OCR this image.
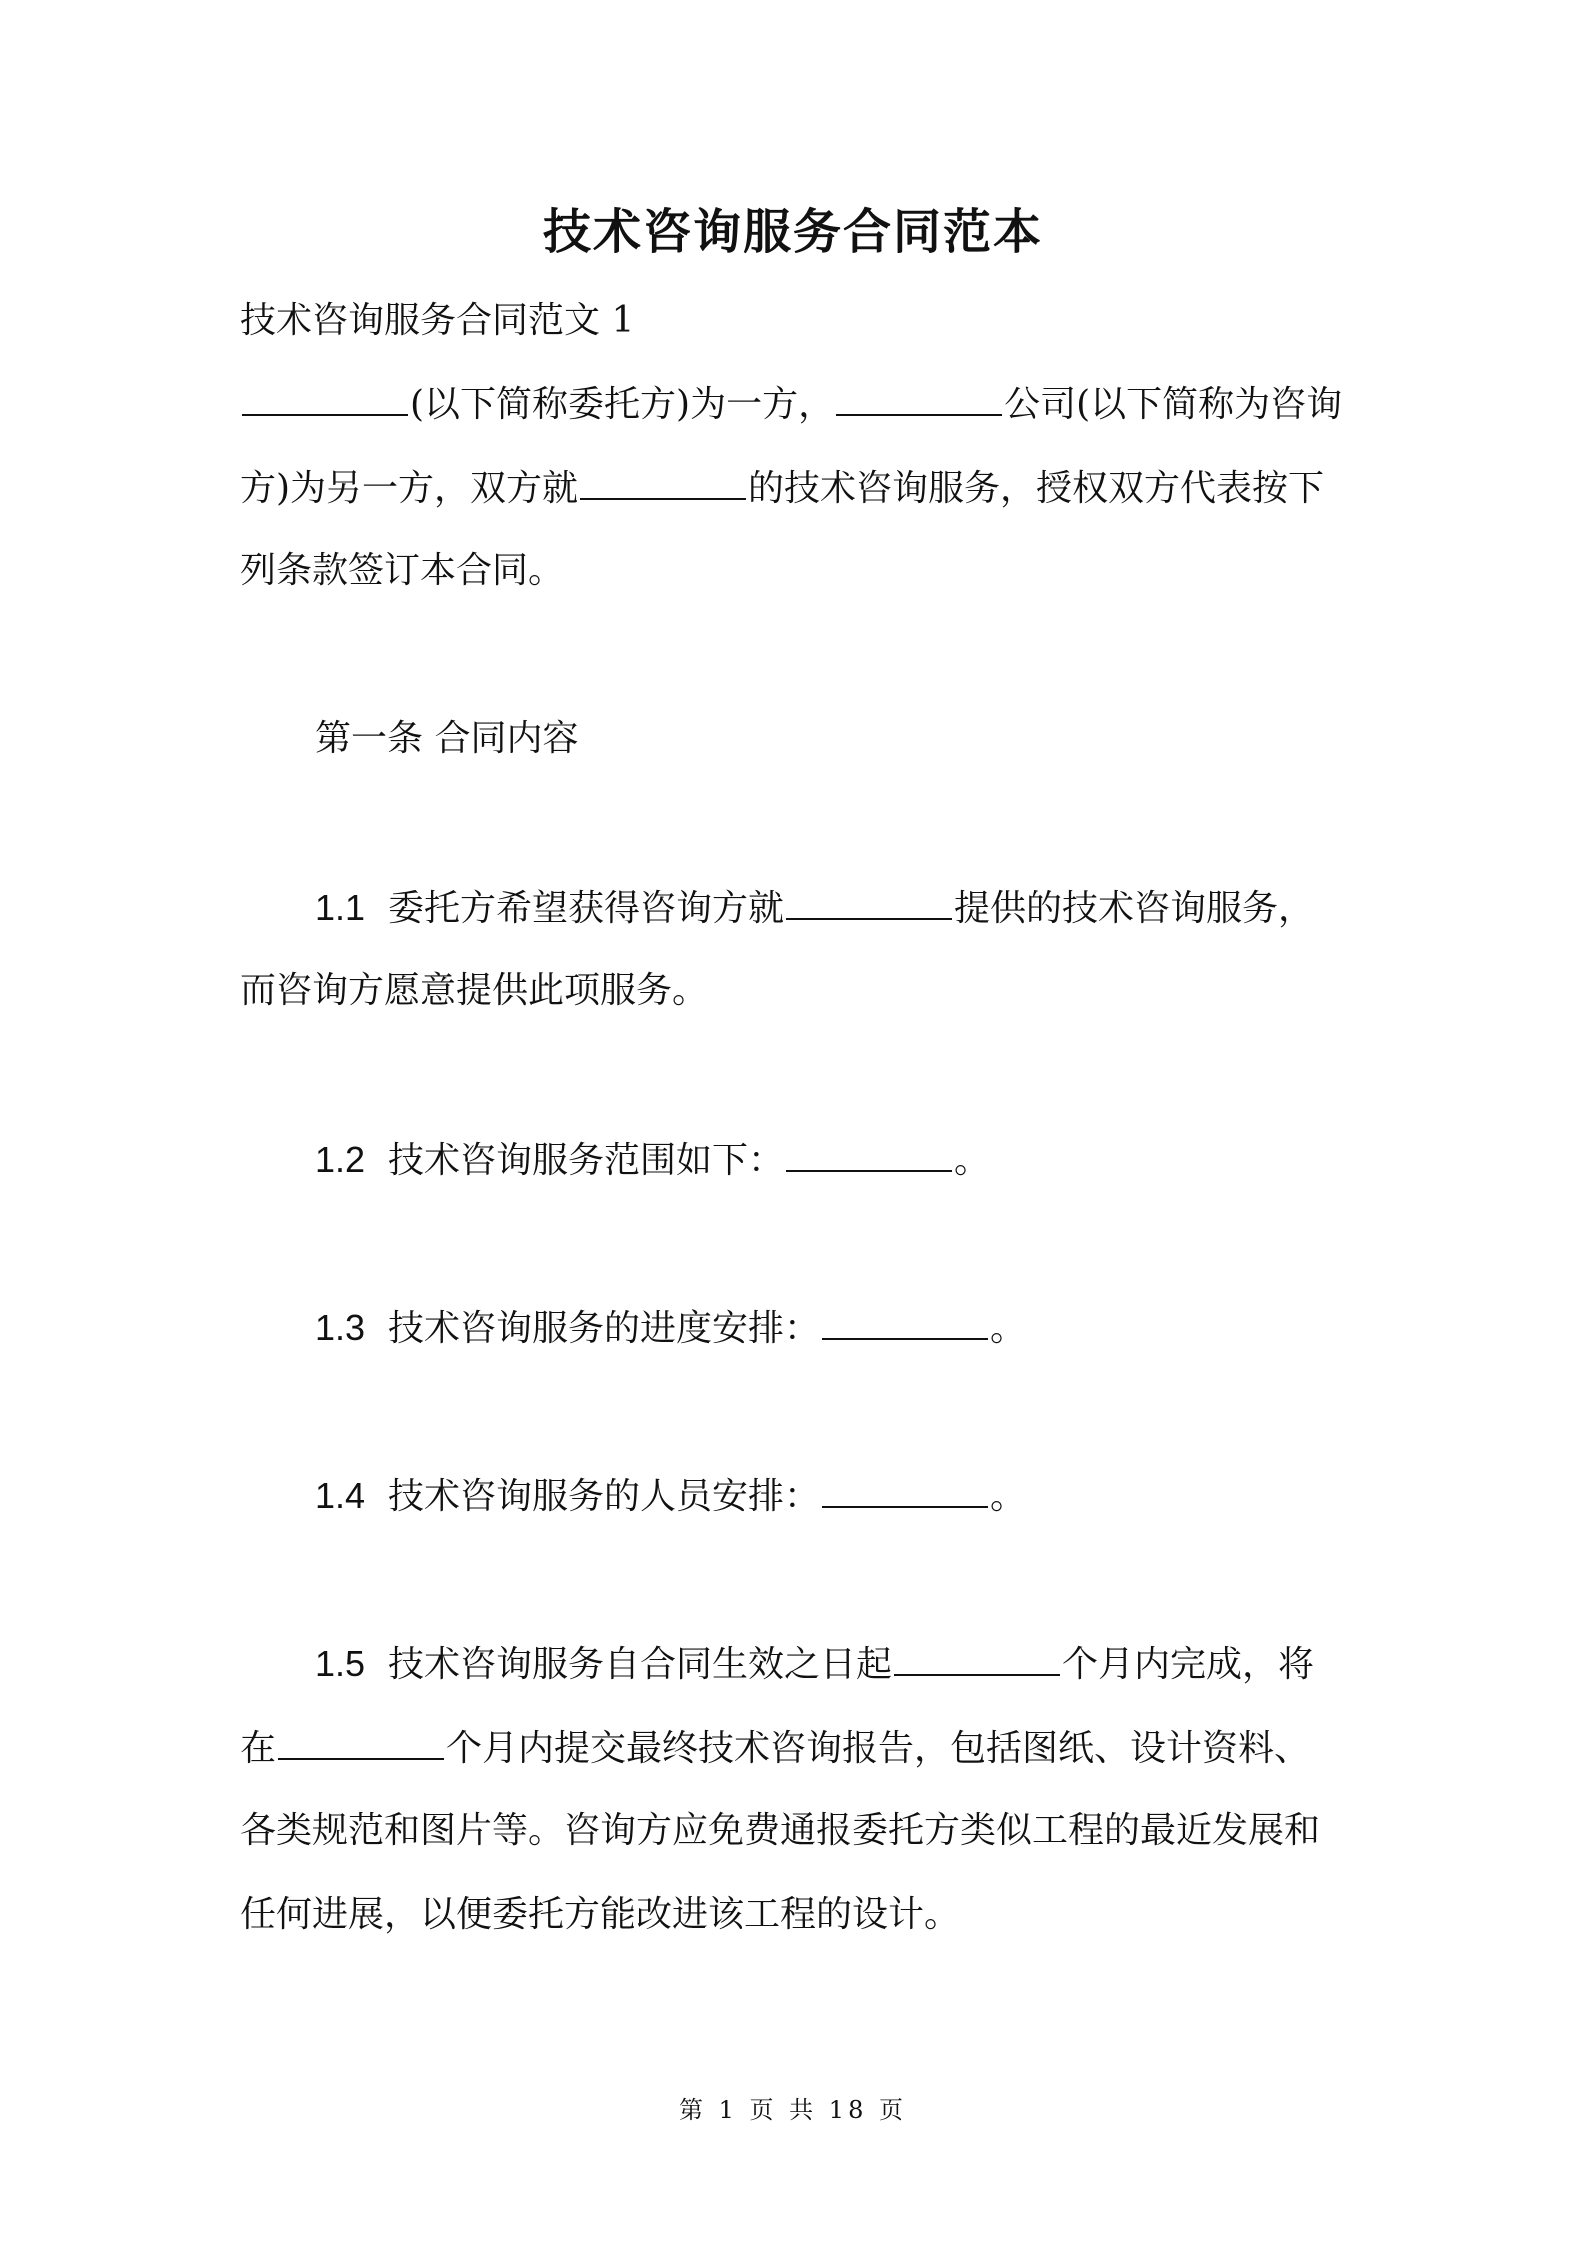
技术咨询服务合同范本
技术咨询服务合同范文 1
(以下简称委托方)为一方，	公司(以下简称为咨询
方)为另一方，双方就	的技术咨询服务，授权双方代表按下
列条款签订本合同。
第一条 合同内容
1.1 委托方希望获得咨询方就	提供的技术咨询服务，
而咨询方愿意提供此项服务。
1.2 技术咨询服务范围如下：	。
1.3 技术咨询服务的进度安排：	。
1.4 技术咨询服务的人员安排：	。
1.5 技术咨询服务自合同生效之日起	个月内完成，将
在	个月内提交最终技术咨询报告，包括图纸、设计资料、
各类规范和图片等。咨询方应免费通报委托方类似工程的最近发展和
任何进展，以便委托方能改进该工程的设计。
第 1 页 共 18 页
